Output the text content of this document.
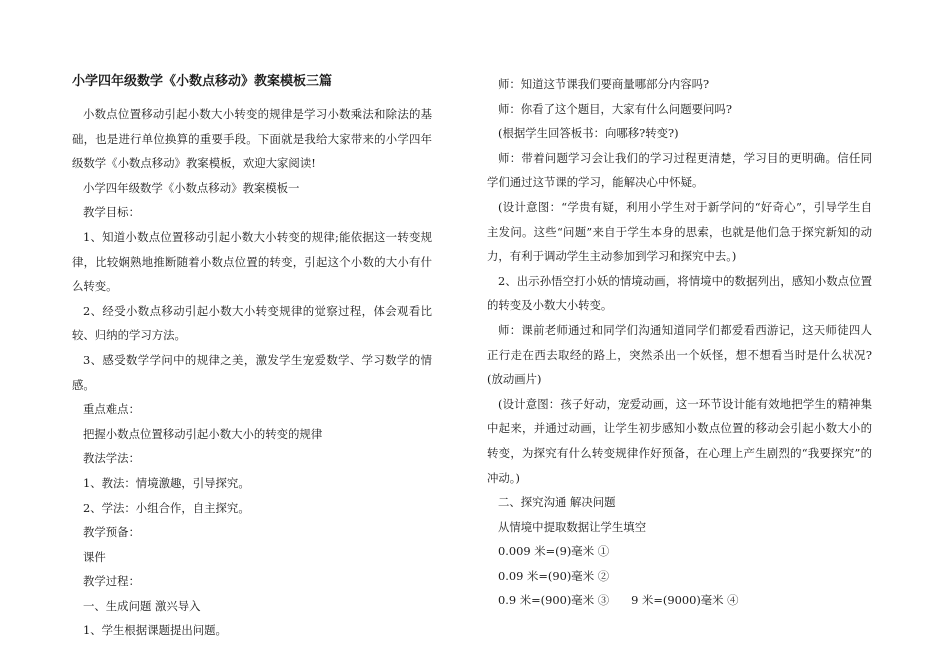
小学四年级数学《小数点移动》教案模板三篇

小数点位置移动引起小数大小转变的规律是学习小数乘法和除法的基础，也是进行单位换算的重要手段。下面就是我给大家带来的小学四年级数学《小数点移动》教案模板，欢迎大家阅读!

小学四年级数学《小数点移动》教案模板一

教学目标：

1、知道小数点位置移动引起小数大小转变的规律;能依据这一转变规律，比较娴熟地推断随着小数点位置的转变，引起这个小数的大小有什么转变。

2、经受小数点移动引起小数大小转变规律的觉察过程，体会观看比较、归纳的学习方法。

3、感受数学学问中的规律之美，激发学生宠爱数学、学习数学的情感。

重点难点：

把握小数点位置移动引起小数大小的转变的规律

教法学法：

1、教法：情境激趣，引导探究。

2、学法：小组合作，自主探究。

教学预备：

课件

教学过程：

一、生成问题 激兴导入

1、学生根据课题提出问题。

师：知道这节课我们要商量哪部分内容吗?

师：你看了这个题目，大家有什么问题要问吗?

(根据学生回答板书：向哪移?转变?)

师：带着问题学习会让我们的学习过程更清楚，学习目的更明确。信任同学们通过这节课的学习，能解决心中怀疑。

(设计意图：“学贵有疑，利用小学生对于新学问的“好奇心”，引导学生自主发问。这些“问题”来自于学生本身的思索，也就是他们急于探究新知的动力，有利于调动学生主动参加到学习和探究中去。)

2、出示孙悟空打小妖的情境动画，将情境中的数据列出，感知小数点位置的转变及小数大小转变。

师：课前老师通过和同学们沟通知道同学们都爱看西游记，这天师徒四人正行走在西去取经的路上，突然杀出一个妖怪，想不想看当时是什么状况?(放动画片)

(设计意图：孩子好动，宠爱动画，这一环节设计能有效地把学生的精神集中起来，并通过动画，让学生初步感知小数点位置的移动会引起小数大小的转变，为探究有什么转变规律作好预备，在心理上产生剧烈的“我要探究”的冲动。)

二、探究沟通 解决问题

从情境中提取数据让学生填空

0.009 米=(9)毫米 ①

0.09 米=(90)毫米 ②

0.9 米=(900)毫米 ③ 9 米=(9000)毫米 ④
